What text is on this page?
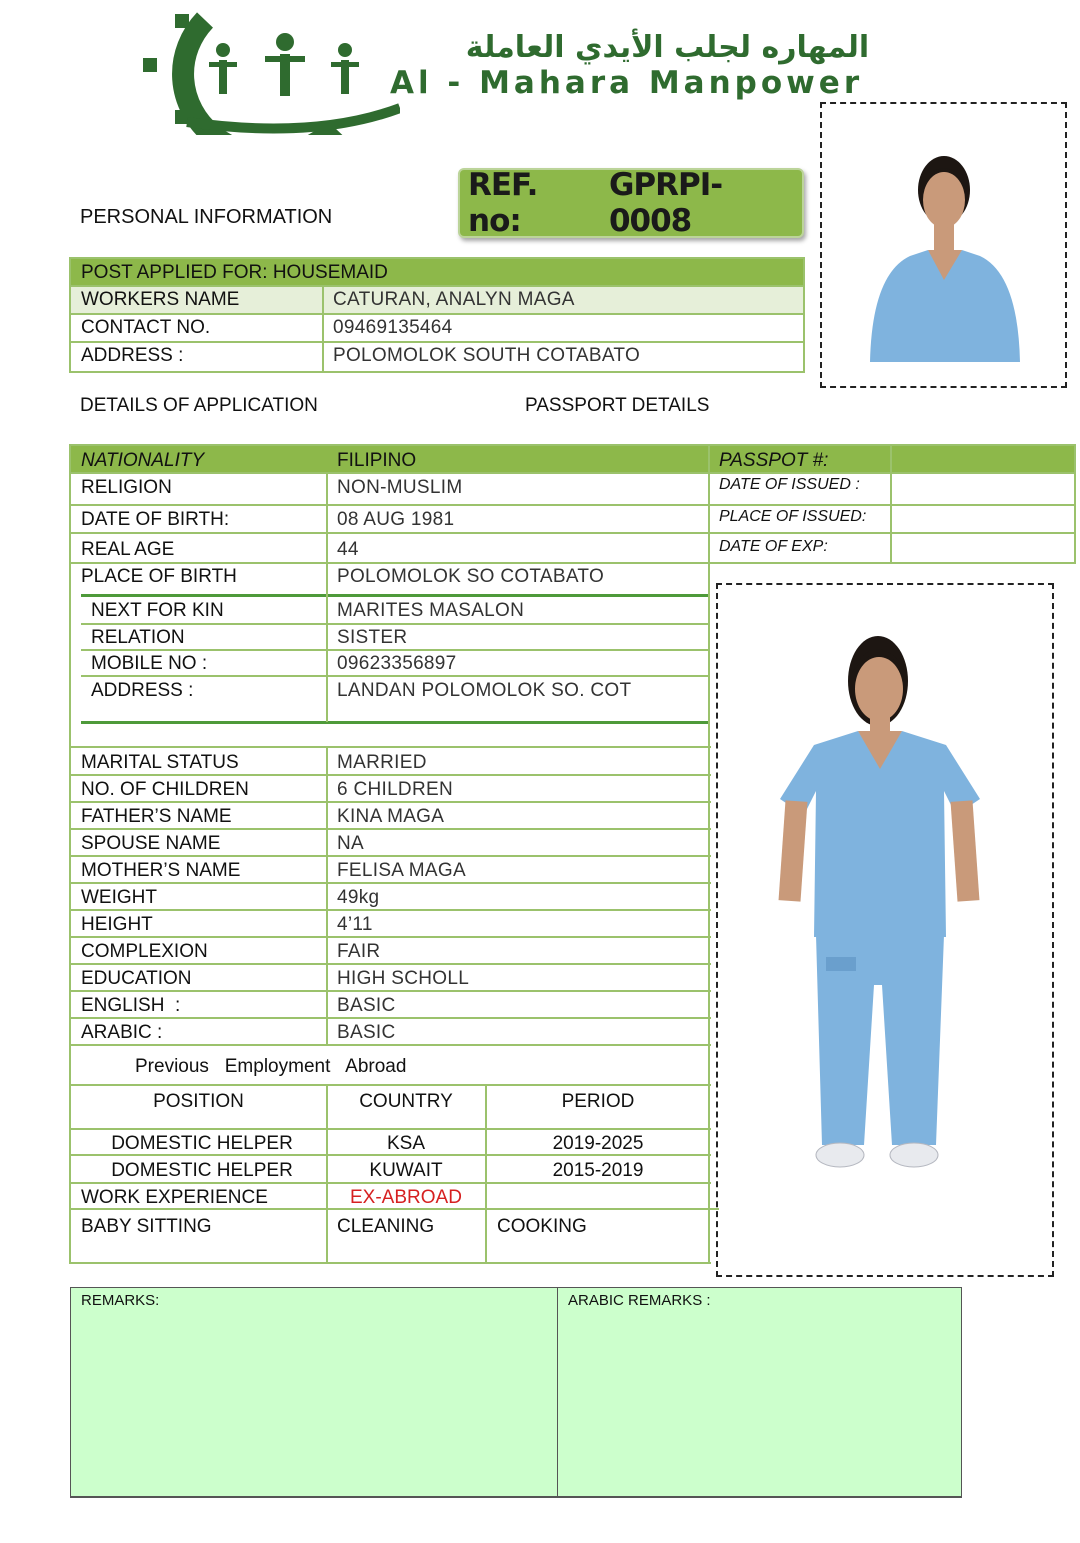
المهاره لجلب الأيدي العاملة
Al - Mahara Manpower
REF. no:
GPRPI-0008
PERSONAL INFORMATION
POST APPLIED FOR: HOUSEMAID
WORKERS NAME	CATURAN, ANALYN MAGA
CONTACT NO.	09469135464
ADDRESS :	POLOMOLOK SOUTH COTABATO
DETAILS OF APPLICATION	PASSPORT DETAILS
NATIONALITY	FILIPINO
RELIGION	NON-MUSLIM
DATE OF BIRTH:	08 AUG 1981
REAL AGE	44
PLACE OF BIRTH	POLOMOLOK SO COTABATO
PASSPOT #:
DATE OF ISSUED :
PLACE OF ISSUED:
DATE OF EXP:
NEXT FOR KIN	MARITES MASALON
RELATION	SISTER
MOBILE NO :	09623356897
ADDRESS :	LANDAN POLOMOLOK SO. COT
MARITAL STATUS	MARRIED
NO. OF CHILDREN	6 CHILDREN
FATHER’S NAME	KINA MAGA
SPOUSE NAME	NA
MOTHER’S NAME	FELISA MAGA
WEIGHT	49kg
HEIGHT	4’11
COMPLEXION	FAIR
EDUCATION	HIGH SCHOLL
ENGLISH  :	BASIC
ARABIC :	BASIC
Previous   Employment   Abroad
POSITION	COUNTRY	PERIOD
DOMESTIC HELPER	KSA	2019-2025
DOMESTIC HELPER	KUWAIT	2015-2019
WORK EXPERIENCE	EX-ABROAD
BABY SITTING	CLEANING	COOKING
REMARKS:	ARABIC REMARKS :
